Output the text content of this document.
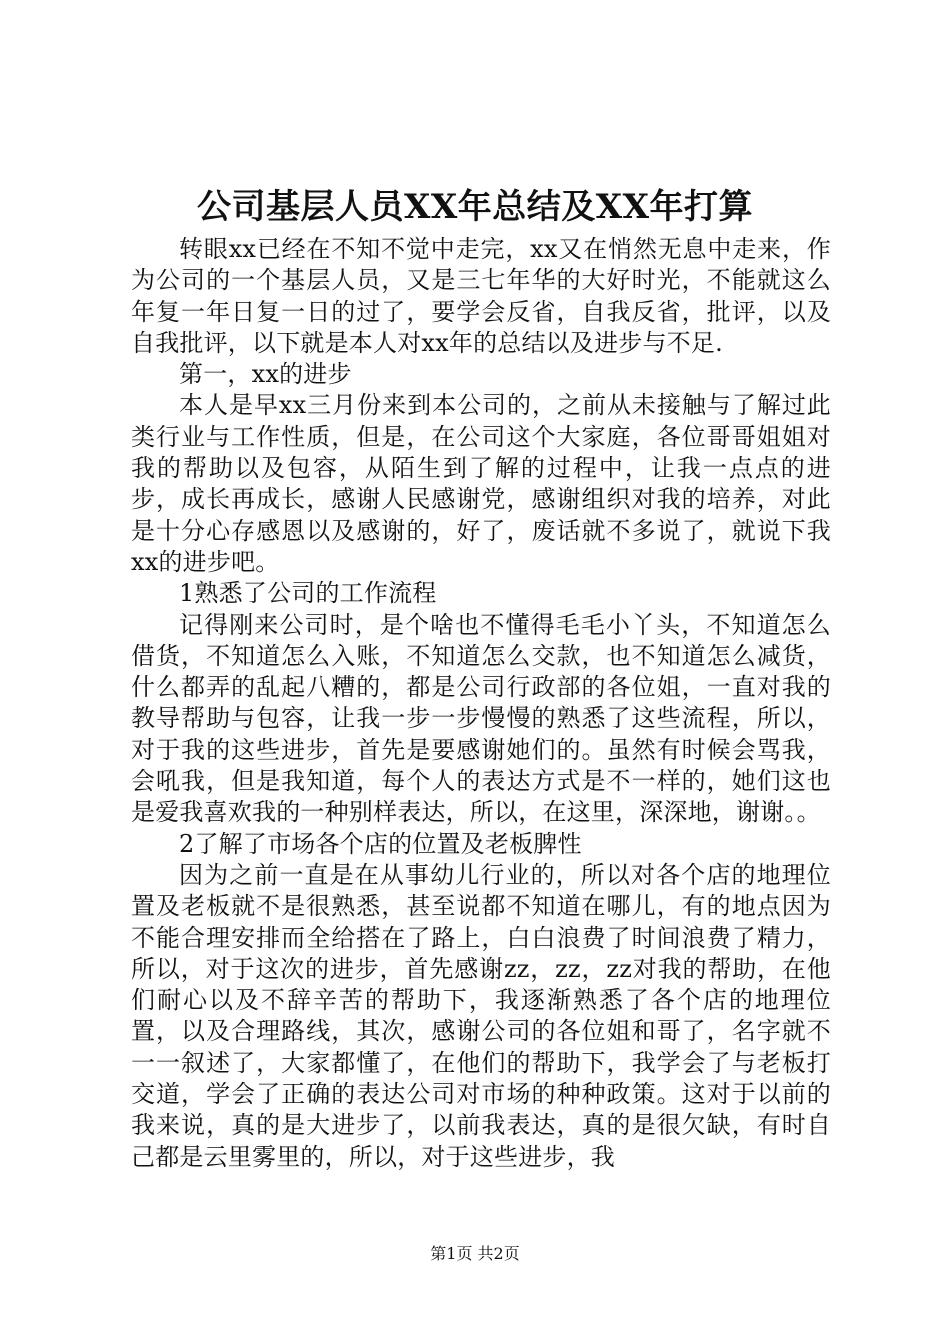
公司基层人员XX年总结及XX年打算

转眼xx已经在不知不觉中走完，xx又在悄然无息中走来，作为公司的一个基层人员，又是三七年华的大好时光，不能就这么年复一年日复一日的过了，要学会反省，自我反省，批评，以及自我批评，以下就是本人对xx年的总结以及进步与不足.

第一，xx的进步

本人是早xx三月份来到本公司的，之前从未接触与了解过此类行业与工作性质，但是，在公司这个大家庭，各位哥哥姐姐对我的帮助以及包容，从陌生到了解的过程中，让我一点点的进步，成长再成长，感谢人民感谢党，感谢组织对我的培养，对此是十分心存感恩以及感谢的，好了，废话就不多说了，就说下我xx的进步吧。

1熟悉了公司的工作流程

记得刚来公司时，是个啥也不懂得毛毛小丫头，不知道怎么借货，不知道怎么入账，不知道怎么交款，也不知道怎么减货，什么都弄的乱起八糟的，都是公司行政部的各位姐，一直对我的教导帮助与包容，让我一步一步慢慢的熟悉了这些流程，所以，对于我的这些进步，首先是要感谢她们的。虽然有时候会骂我，会吼我，但是我知道，每个人的表达方式是不一样的，她们这也是爱我喜欢我的一种别样表达，所以，在这里，深深地，谢谢。。

2了解了市场各个店的位置及老板脾性

因为之前一直是在从事幼儿行业的，所以对各个店的地理位置及老板就不是很熟悉，甚至说都不知道在哪儿，有的地点因为不能合理安排而全给搭在了路上，白白浪费了时间浪费了精力，所以，对于这次的进步，首先感谢zz，zz，zz对我的帮助，在他们耐心以及不辞辛苦的帮助下，我逐渐熟悉了各个店的地理位置，以及合理路线，其次，感谢公司的各位姐和哥了，名字就不一一叙述了，大家都懂了，在他们的帮助下，我学会了与老板打交道，学会了正确的表达公司对市场的种种政策。这对于以前的我来说，真的是大进步了，以前我表达，真的是很欠缺，有时自己都是云里雾里的，所以，对于这些进步，我

第1页 共2页
